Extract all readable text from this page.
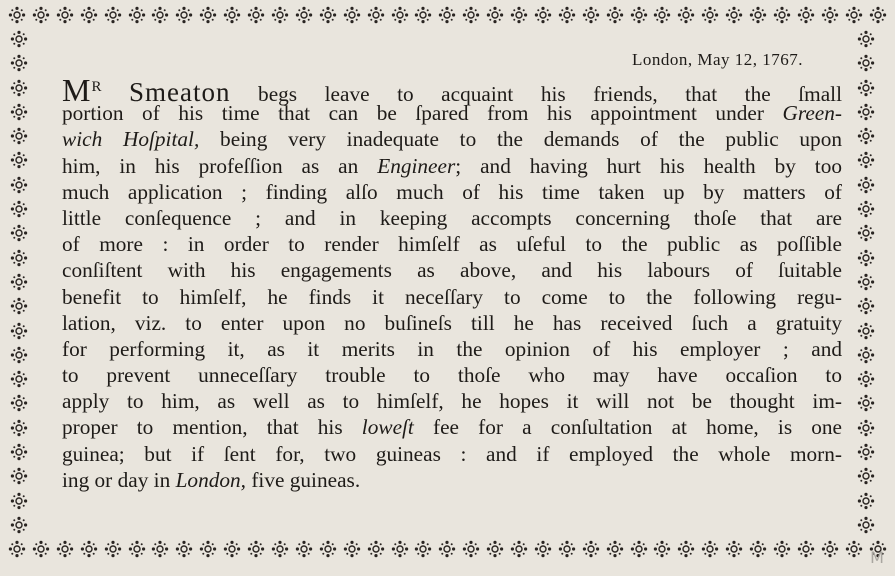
London, May 12, 1767.
$M^R$ Smeaton begs leave to acquaint his friends, that the ſmall
portion of his time that can be ſpared from his appointment under Green-
wich Hoſpital, being very inadequate to the demands of the public upon
him, in his profeſſion as an Engineer; and having hurt his health by too
much application ; finding alſo much of his time taken up by matters of
little conſequence ; and in keeping accompts concerning thoſe that are
of more : in order to render himſelf as uſeful to the public as poſſible
conſiſtent with his engagements as above, and his labours of ſuitable
benefit to himſelf, he finds it neceſſary to come to the following regu-
lation, viz. to enter upon no buſineſs till he has received ſuch a gratuity
for performing it, as it merits in the opinion of his employer ; and
to prevent unneceſſary trouble to thoſe who may have occaſion to
apply to him, as well as to himſelf, he hopes it will not be thought im-
proper to mention, that his loweſt fee for a conſultation at home, is one
guinea; but if ſent for, two guineas : and if employed the whole morn-
ing or day in London, five guineas.
M
